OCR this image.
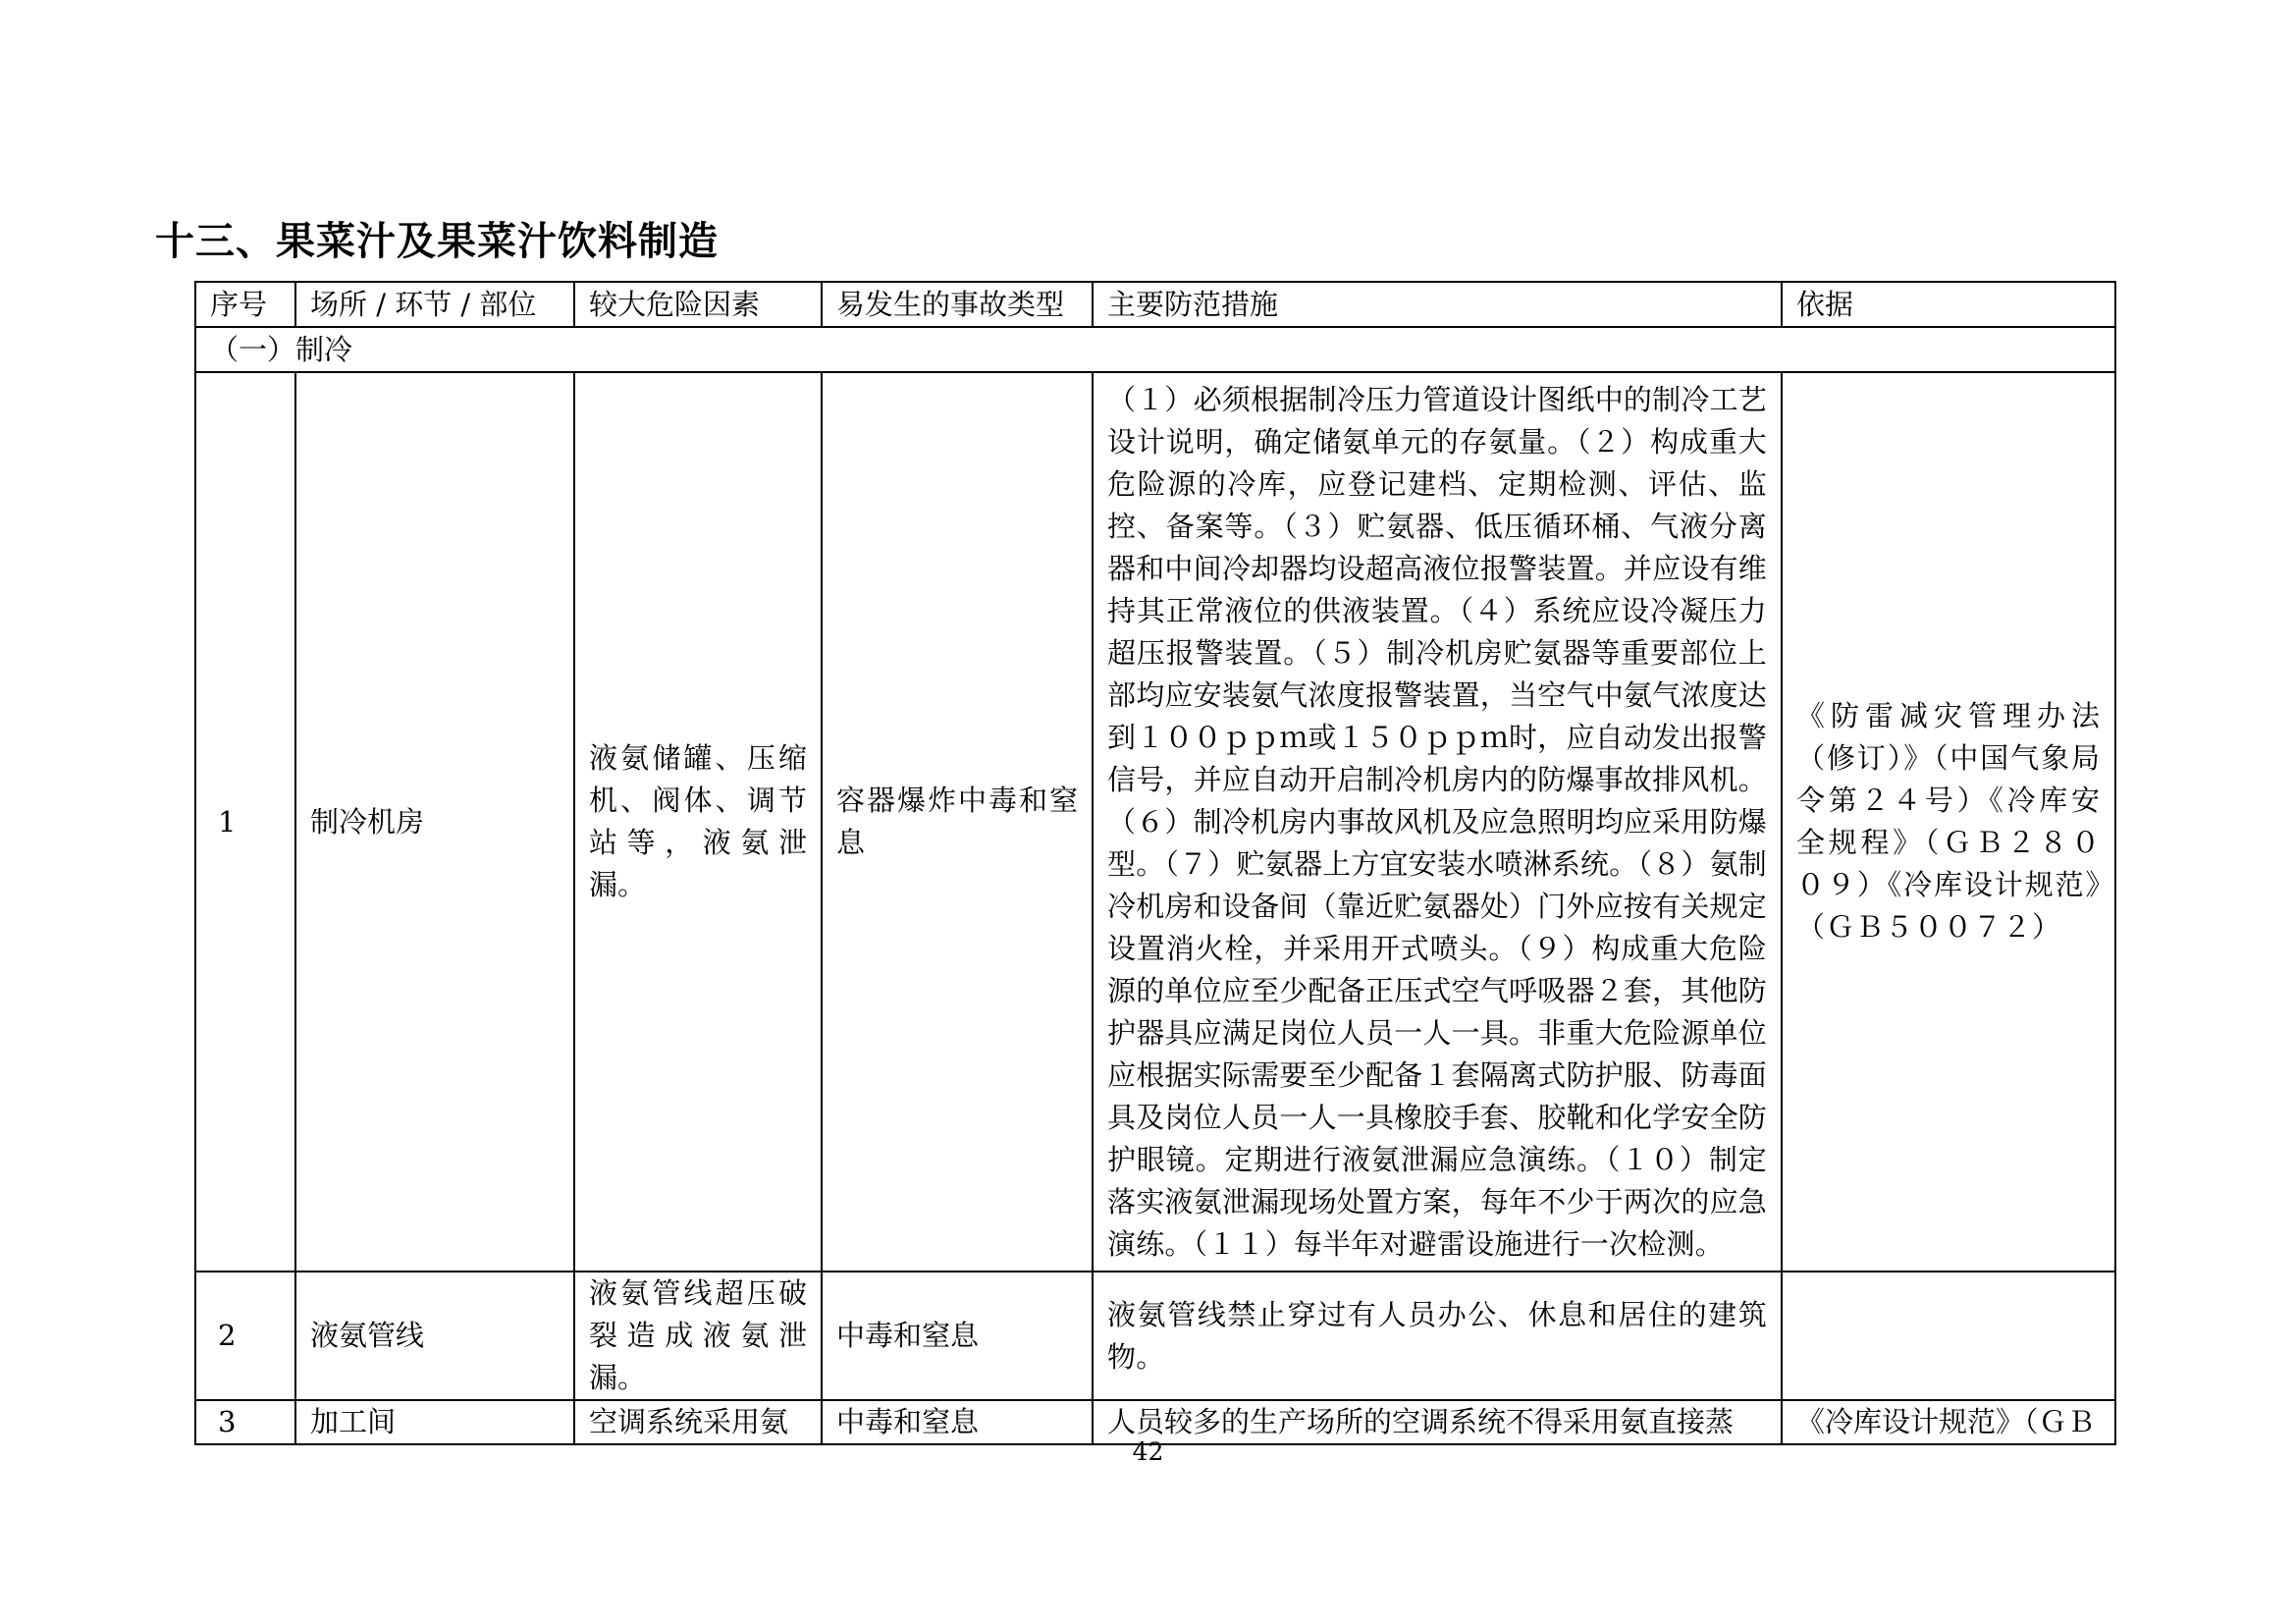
十三、果菜汁及果菜汁饮料制造
序号	场所 / 环节 / 部位	较大危险因素	易发生的事故类型	主要防范措施	依据
（一）制冷					
1	制冷机房	液氨储罐、压缩机、阀体、调节站等，液氨泄漏。	容器爆炸中毒和窒息	（１）必须根据制冷压力管道设计图纸中的制冷工艺设计说明，确定储氨单元的存氨量。（２）构成重大危险源的冷库，应登记建档、定期检测、评估、监控、备案等。（３）贮氨器、低压循环桶、气液分离器和中间冷却器均设超高液位报警装置。并应设有维持其正常液位的供液装置。（４）系统应设冷凝压力超压报警装置。（５）制冷机房贮氨器等重要部位上部均应安装氨气浓度报警装置，当空气中氨气浓度达到１００ｐｐｍ或１５０ｐｐｍ时，应自动发出报警信号，并应自动开启制冷机房内的防爆事故排风机。（６）制冷机房内事故风机及应急照明均应采用防爆型。（７）贮氨器上方宜安装水喷淋系统。（８）氨制冷机房和设备间（靠近贮氨器处）门外应按有关规定设置消火栓，并采用开式喷头。（９）构成重大危险源的单位应至少配备正压式空气呼吸器２套，其他防护器具应满足岗位人员一人一具。非重大危险源单位应根据实际需要至少配备１套隔离式防护服、防毒面具及岗位人员一人一具橡胶手套、胶靴和化学安全防护眼镜。定期进行液氨泄漏应急演练。（１０）制定落实液氨泄漏现场处置方案，每年不少于两次的应急演练。（１１）每半年对避雷设施进行一次检测。	《防雷减灾管理办法（修订）》（中国气象局令第２４号）《冷库安全规程》（ＧＢ２８００９）《冷库设计规范》（ＧＢ５００７２）
2	液氨管线	液氨管线超压破裂造成液氨泄漏。	中毒和窒息	液氨管线禁止穿过有人员办公、休息和居住的建筑物。	
3	加工间	空调系统采用氨	中毒和窒息	人员较多的生产场所的空调系统不得采用氨直接蒸	《冷库设计规范》（ＧＢ
42
